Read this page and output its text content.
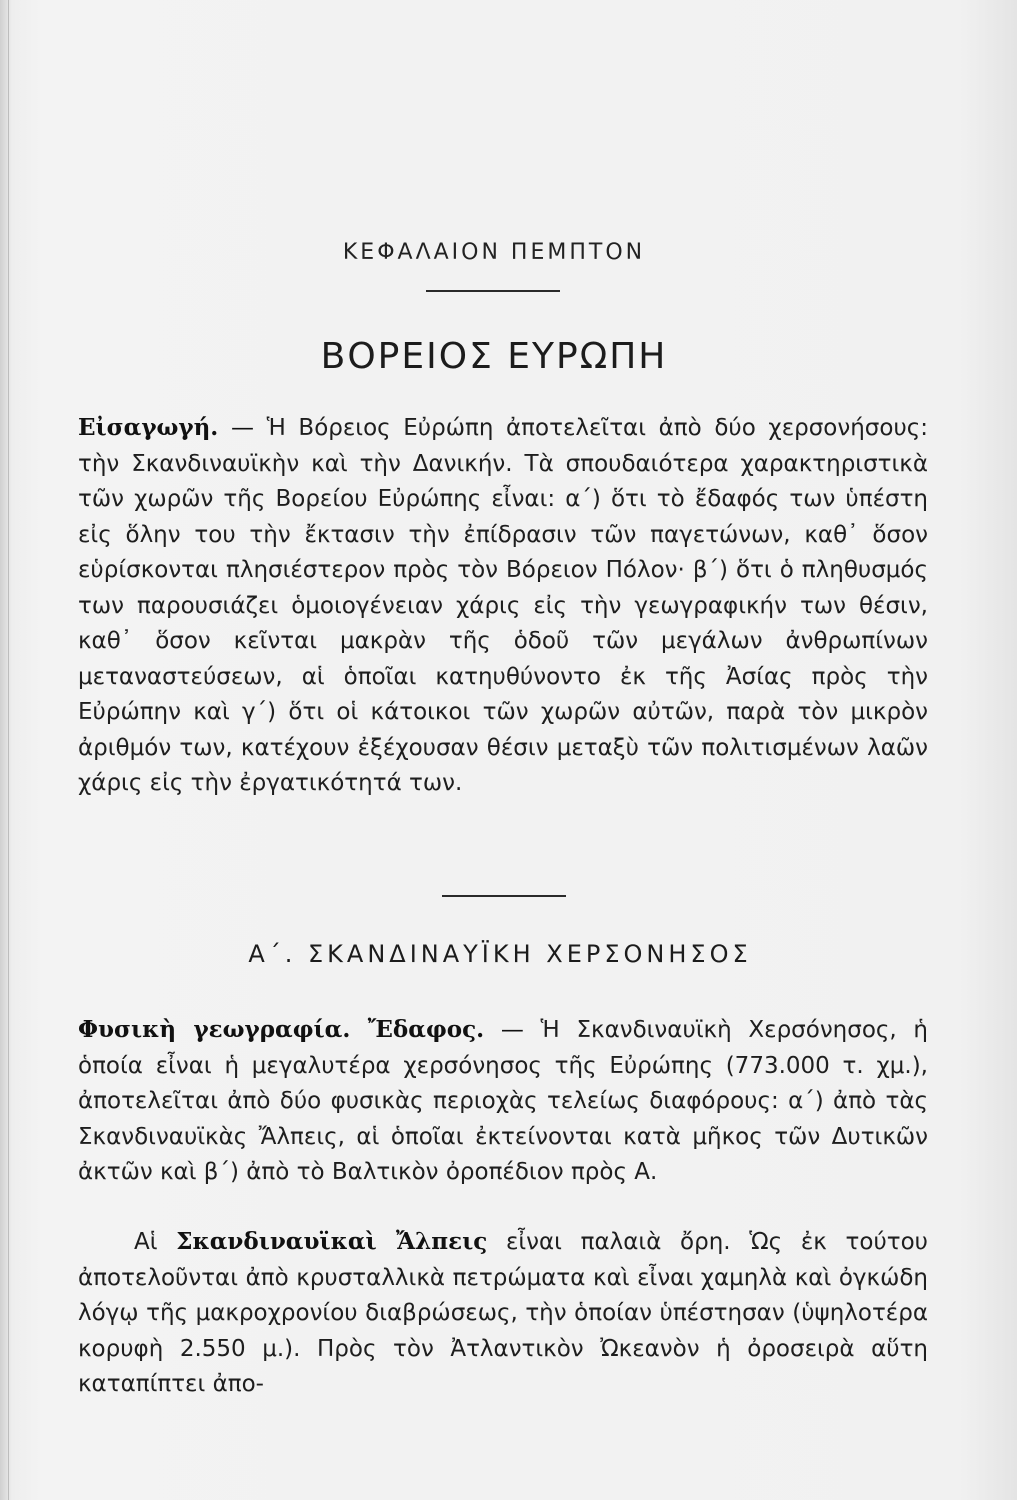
ΚΕΦΑΛΑΙΟΝ ΠΕΜΠΤΟΝ
ΒΟΡΕΙΟΣ ΕΥΡΩΠΗ
Εἰσαγωγή. — Ἡ Βόρειος Εὐρώπη ἀποτελεῖται ἀπὸ δύο χερσονήσους: τὴν Σκανδιναυϊκὴν καὶ τὴν Δανικήν. Τὰ σπουδαιότερα χαρακτηριστικὰ τῶν χωρῶν τῆς Βορείου Εὐρώπης εἶναι: α΄) ὅτι τὸ ἔδαφός των ὑπέστη εἰς ὅλην του τὴν ἔκτασιν τὴν ἐπίδρασιν τῶν παγετώνων, καθ᾿ ὅσον εὑρίσκονται πλησιέστερον πρὸς τὸν Βόρειον Πόλον· β΄) ὅτι ὁ πληθυσμός των παρουσιάζει ὁμοιογένειαν χάρις εἰς τὴν γεωγραφικήν των θέσιν, καθ᾿ ὅσον κεῖνται μακρὰν τῆς ὁδοῦ τῶν μεγάλων ἀνθρωπίνων μεταναστεύσεων, αἱ ὁποῖαι κατηυθύνοντο ἐκ τῆς Ἀσίας πρὸς τὴν Εὐρώπην καὶ γ΄) ὅτι οἱ κάτοικοι τῶν χωρῶν αὐτῶν, παρὰ τὸν μικρὸν ἀριθμόν των, κατέχουν ἐξέχουσαν θέσιν μεταξὺ τῶν πολιτισμένων λαῶν χάρις εἰς τὴν ἐργατικότητά των.
Α΄. ΣΚΑΝΔΙΝΑΥΪΚΗ ΧΕΡΣΟΝΗΣΟΣ
Φυσικὴ γεωγραφία. Ἔδαφος. — Ἡ Σκανδιναυϊκὴ Χερσόνησος, ἡ ὁποία εἶναι ἡ μεγαλυτέρα χερσόνησος τῆς Εὐρώπης (773.000 τ. χμ.), ἀποτελεῖται ἀπὸ δύο φυσικὰς περιοχὰς τελείως διαφόρους: α΄) ἀπὸ τὰς Σκανδιναυϊκὰς Ἄλπεις, αἱ ὁποῖαι ἐκτείνονται κατὰ μῆκος τῶν Δυτικῶν ἀκτῶν καὶ β΄) ἀπὸ τὸ Βαλτικὸν ὀροπέδιον πρὸς Α.
Αἱ Σκανδιναυϊκαὶ Ἄλπεις εἶναι παλαιὰ ὄρη. Ὡς ἐκ τούτου ἀποτελοῦνται ἀπὸ κρυσταλλικὰ πετρώματα καὶ εἶναι χαμηλὰ καὶ ὀγκώδη λόγῳ τῆς μακροχρονίου διαβρώσεως, τὴν ὁποίαν ὑπέστησαν (ὑψηλοτέρα κορυφὴ 2.550 μ.). Πρὸς τὸν Ἀτλαντικὸν Ὠκεανὸν ἡ ὀροσειρὰ αὕτη καταπίπτει ἀπο-
